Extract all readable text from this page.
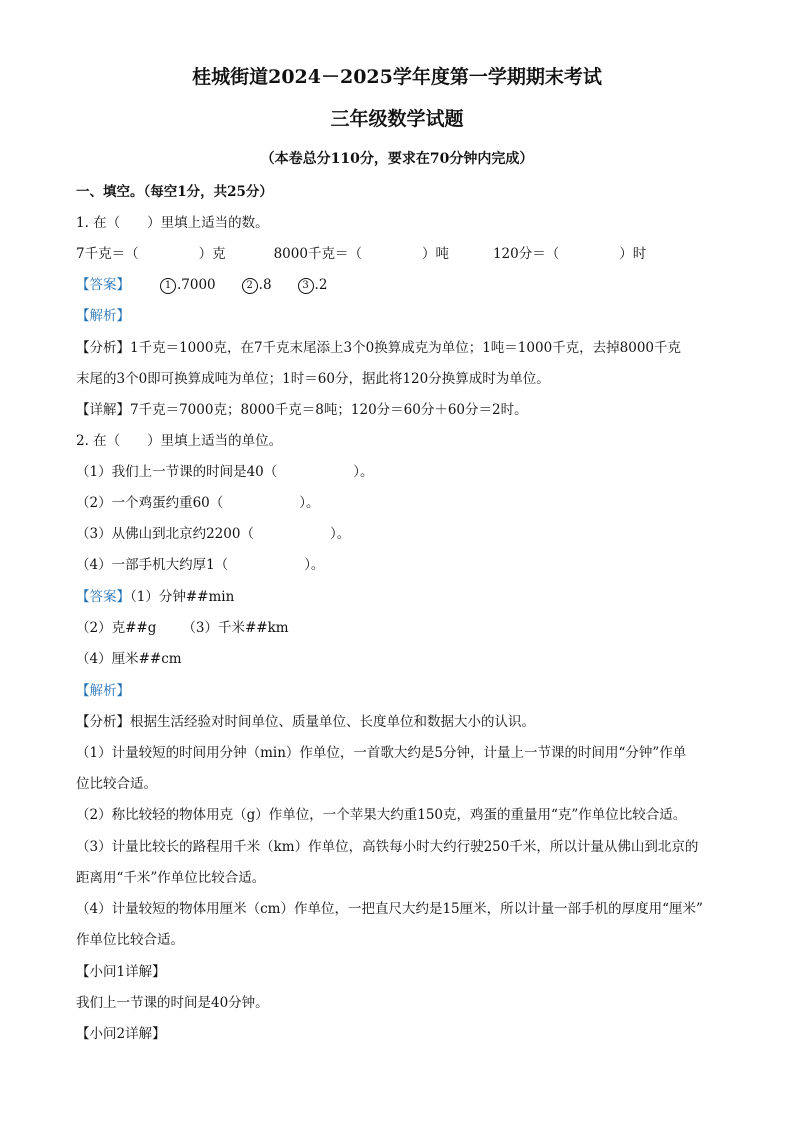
桂城街道2024－2025学年度第一学期期末考试
三年级数学试题
（本卷总分110分，要求在70分钟内完成）
一、填空。（每空1分，共25分）
1. 在（　　）里填上适当的数。
7千克＝（	）克	8000千克＝（	）吨	120分＝（	）时
【答案】	1 .7000	2 .8	3 .2
【解析】
【分析】1千克＝1000克，在7千克末尾添上3个0换算成克为单位；1吨＝1000千克，去掉8000千克
末尾的3个0即可换算成吨为单位；1时＝60分，据此将120分换算成时为单位。
【详解】7千克＝7000克；8000千克＝8吨；120分＝60分＋60分＝2时。
2. 在（　　）里填上适当的单位。
（1）我们上一节课的时间是40（	）。
（2）一个鸡蛋约重60（	）。
（3）从佛山到北京约2200（	）。
（4）一部手机大约厚1（	）。
【答案】（1）分钟##min
（2）克##g （3）千米##km
（4）厘米##cm
【解析】
【分析】根据生活经验对时间单位、质量单位、长度单位和数据大小的认识。
（1）计量较短的时间用分钟（min）作单位，一首歌大约是5分钟，计量上一节课的时间用“分钟”作单
位比较合适。
（2）称比较轻的物体用克（g）作单位，一个苹果大约重150克，鸡蛋的重量用“克”作单位比较合适。
（3）计量比较长的路程用千米（km）作单位，高铁每小时大约行驶250千米，所以计量从佛山到北京的
距离用“千米”作单位比较合适。
（4）计量较短的物体用厘米（cm）作单位，一把直尺大约是15厘米，所以计量一部手机的厚度用“厘米”
作单位比较合适。
【小问1详解】
我们上一节课的时间是40分钟。
【小问2详解】
